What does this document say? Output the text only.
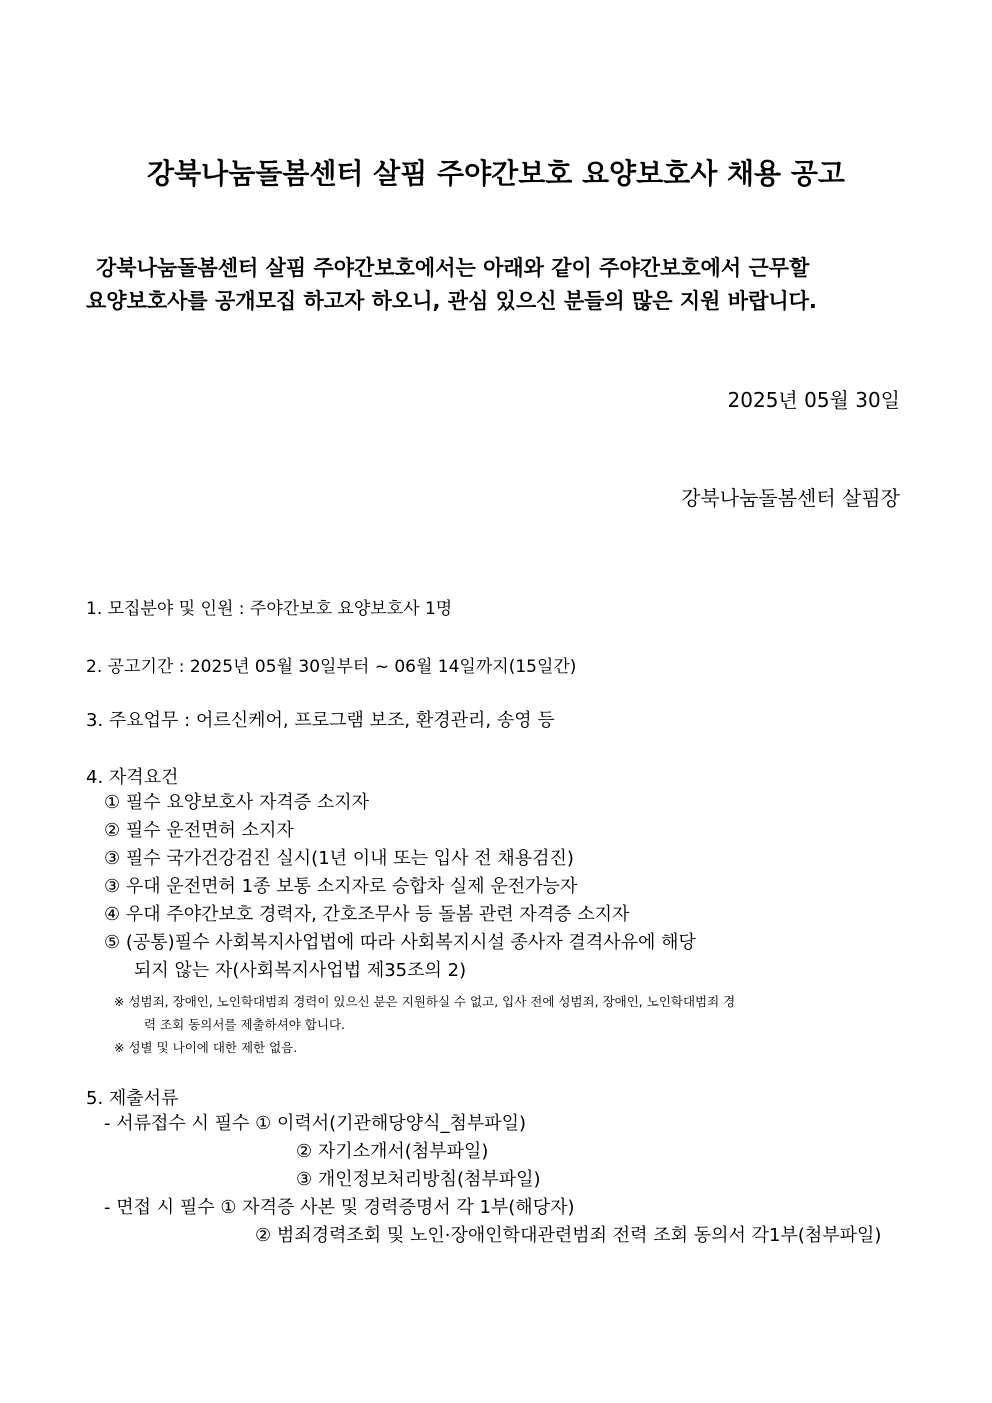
강북나눔돌봄센터 살핌 주야간보호 요양보호사 채용 공고
강북나눔돌봄센터 살핌 주야간보호에서는 아래와 같이 주야간보호에서 근무할
요양보호사를 공개모집 하고자 하오니, 관심 있으신 분들의 많은 지원 바랍니다.
2025년 05월 30일
강북나눔돌봄센터 살핌장
1. 모집분야 및 인원 : 주야간보호 요양보호사 1명
2. 공고기간 : 2025년 05월 30일부터 ~ 06월 14일까지(15일간)
3. 주요업무 : 어르신케어, 프로그램 보조, 환경관리, 송영 등
4. 자격요건
① 필수 요양보호사 자격증 소지자
② 필수 운전면허 소지자
③ 필수 국가건강검진 실시(1년 이내 또는 입사 전 채용검진)
③ 우대 운전면허 1종 보통 소지자로 승합차 실제 운전가능자
④ 우대 주야간보호 경력자, 간호조무사 등 돌봄 관련 자격증 소지자
⑤ (공통)필수 사회복지사업법에 따라 사회복지시설 종사자 결격사유에 해당
되지 않는 자(사회복지사업법 제35조의 2)
※ 성범죄, 장애인, 노인학대범죄 경력이 있으신 분은 지원하실 수 없고, 입사 전에 성범죄, 장애인, 노인학대범죄 경
력 조회 동의서를 제출하셔야 합니다.
※ 성별 및 나이에 대한 제한 없음.
5. 제출서류
- 서류접수 시 필수 ① 이력서(기관해당양식_첨부파일)
② 자기소개서(첨부파일)
③ 개인정보처리방침(첨부파일)
- 면접 시 필수 ① 자격증 사본 및 경력증명서 각 1부(해당자)
② 범죄경력조회 및 노인·장애인학대관련범죄 전력 조회 동의서 각1부(첨부파일)
